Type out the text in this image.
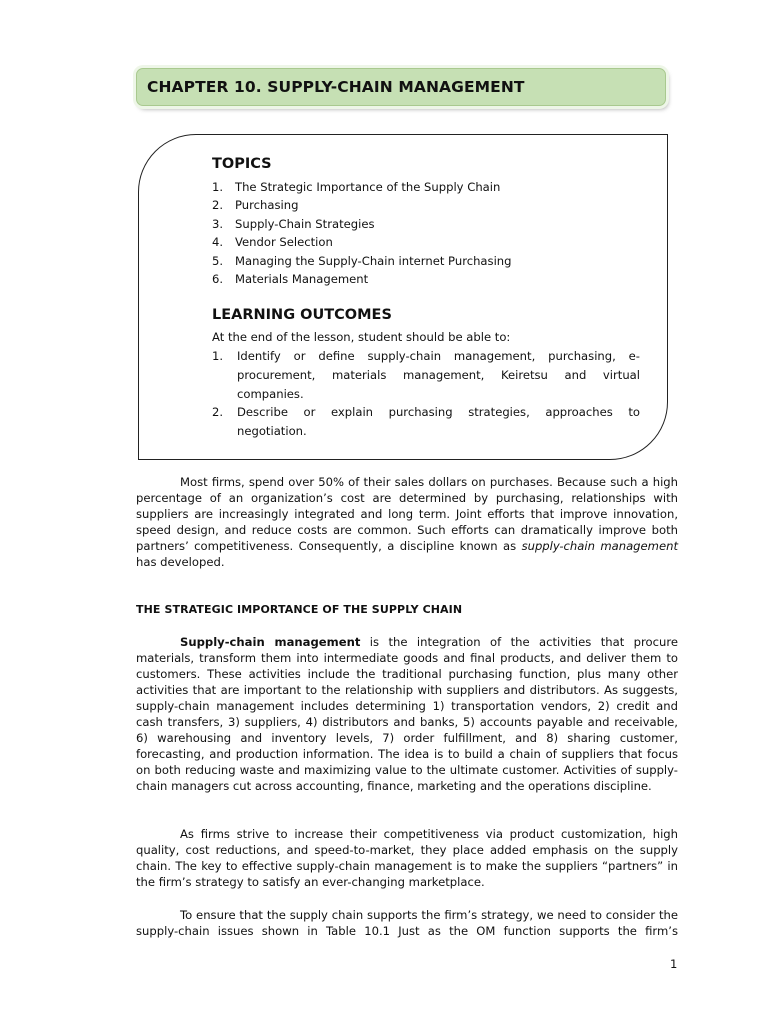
CHAPTER 10. SUPPLY-CHAIN MANAGEMENT
TOPICS
1. The Strategic Importance of the Supply Chain
2. Purchasing
3. Supply-Chain Strategies
4. Vendor Selection
5. Managing the Supply-Chain internet Purchasing
6. Materials Management
LEARNING OUTCOMES
At the end of the lesson, student should be able to:
1. Identify or define supply-chain management, purchasing, e-procurement, materials management, Keiretsu and virtual companies.
2. Describe or explain purchasing strategies, approaches to negotiation.

Most firms, spend over 50% of their sales dollars on purchases. Because such a high percentage of an organization’s cost are determined by purchasing, relationships with suppliers are increasingly integrated and long term. Joint efforts that improve innovation, speed design, and reduce costs are common. Such efforts can dramatically improve both partners’ competitiveness. Consequently, a discipline known as supply-chain management has developed.

THE STRATEGIC IMPORTANCE OF THE SUPPLY CHAIN

Supply-chain management is the integration of the activities that procure materials, transform them into intermediate goods and final products, and deliver them to customers. These activities include the traditional purchasing function, plus many other activities that are important to the relationship with suppliers and distributors. As suggests, supply-chain management includes determining 1) transportation vendors, 2) credit and cash transfers, 3) suppliers, 4) distributors and banks, 5) accounts payable and receivable, 6) warehousing and inventory levels, 7) order fulfillment, and 8) sharing customer, forecasting, and production information. The idea is to build a chain of suppliers that focus on both reducing waste and maximizing value to the ultimate customer. Activities of supply-chain managers cut across accounting, finance, marketing and the operations discipline.

As firms strive to increase their competitiveness via product customization, high quality, cost reductions, and speed-to-market, they place added emphasis on the supply chain. The key to effective supply-chain management is to make the suppliers “partners” in the firm’s strategy to satisfy an ever-changing marketplace.

To ensure that the supply chain supports the firm’s strategy, we need to consider the supply-chain issues shown in Table 10.1 Just as the OM function supports the firm’s

1
